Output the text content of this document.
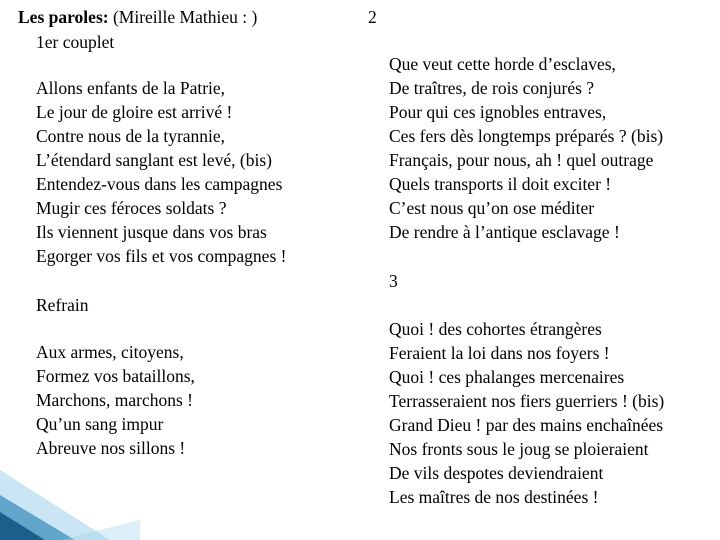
Les paroles: (Mireille Mathieu : )
1er couplet
Allons enfants de la Patrie,
Le jour de gloire est arrivé !
Contre nous de la tyrannie,
L’étendard sanglant est levé, (bis)
Entendez-vous dans les campagnes
Mugir ces féroces soldats ?
Ils viennent jusque dans vos bras
Egorger vos fils et vos compagnes !
Refrain
Aux armes, citoyens,
Formez vos bataillons,
Marchons, marchons !
Qu’un sang impur
Abreuve nos sillons !
2
Que veut cette horde d’esclaves,
De traîtres, de rois conjurés ?
Pour qui ces ignobles entraves,
Ces fers dès longtemps préparés ? (bis)
Français, pour nous, ah ! quel outrage
Quels transports il doit exciter !
C’est nous qu’on ose méditer
De rendre à l’antique esclavage !
3
Quoi ! des cohortes étrangères
Feraient la loi dans nos foyers !
Quoi ! ces phalanges mercenaires
Terrasseraient nos fiers guerriers ! (bis)
Grand Dieu ! par des mains enchaînées
Nos fronts sous le joug se ploieraient
De vils despotes deviendraient
Les maîtres de nos destinées !
